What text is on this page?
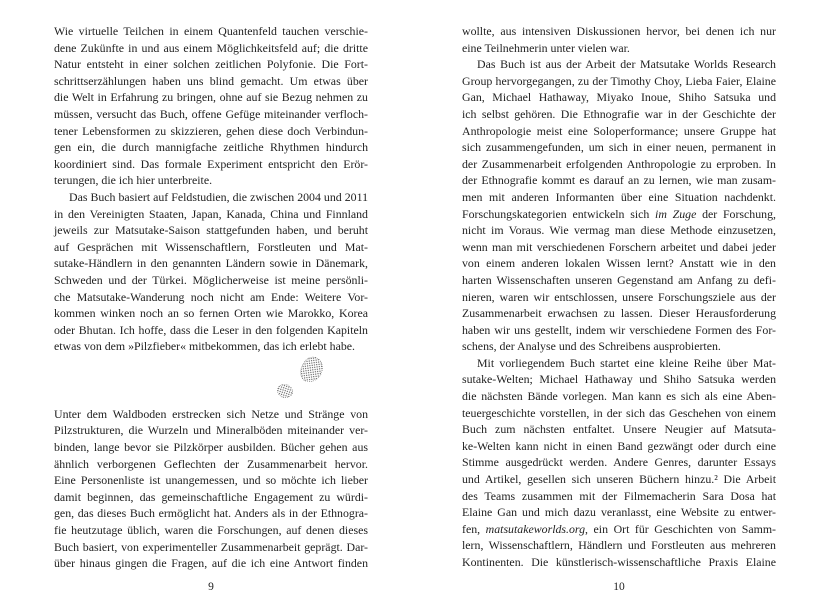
Wie virtuelle Teilchen in einem Quantenfeld tauchen verschie-
dene Zukünfte in und aus einem Möglichkeitsfeld auf; die dritte
Natur entsteht in einer solchen zeitlichen Polyfonie. Die Fort-
schrittserzählungen haben uns blind gemacht. Um etwas über
die Welt in Erfahrung zu bringen, ohne auf sie Bezug nehmen zu
müssen, versucht das Buch, offene Gefüge miteinander verfloch-
tener Lebensformen zu skizzieren, gehen diese doch Verbindun-
gen ein, die durch mannigfache zeitliche Rhythmen hindurch
koordiniert sind. Das formale Experiment entspricht den Erör-
terungen, die ich hier unterbreite.
Das Buch basiert auf Feldstudien, die zwischen 2004 und 2011
in den Vereinigten Staaten, Japan, Kanada, China und Finnland
jeweils zur Matsutake-Saison stattgefunden haben, und beruht
auf Gesprächen mit Wissenschaftlern, Forstleuten und Mat-
sutake-Händlern in den genannten Ländern sowie in Dänemark,
Schweden und der Türkei. Möglicherweise ist meine persönli-
che Matsutake-Wanderung noch nicht am Ende: Weitere Vor-
kommen winken noch an so fernen Orten wie Marokko, Korea
oder Bhutan. Ich hoffe, dass die Leser in den folgenden Kapiteln
etwas von dem »Pilzfieber« mitbekommen, das ich erlebt habe.
Unter dem Waldboden erstrecken sich Netze und Stränge von
Pilzstrukturen, die Wurzeln und Mineralböden miteinander ver-
binden, lange bevor sie Pilzkörper ausbilden. Bücher gehen aus
ähnlich verborgenen Geflechten der Zusammenarbeit hervor.
Eine Personenliste ist unangemessen, und so möchte ich lieber
damit beginnen, das gemeinschaftliche Engagement zu würdi-
gen, das dieses Buch ermöglicht hat. Anders als in der Ethnogra-
fie heutzutage üblich, waren die Forschungen, auf denen dieses
Buch basiert, von experimenteller Zusammenarbeit geprägt. Dar-
über hinaus gingen die Fragen, auf die ich eine Antwort finden
9
wollte, aus intensiven Diskussionen hervor, bei denen ich nur
eine Teilnehmerin unter vielen war.
Das Buch ist aus der Arbeit der Matsutake Worlds Research
Group hervorgegangen, zu der Timothy Choy, Lieba Faier, Elaine
Gan, Michael Hathaway, Miyako Inoue, Shiho Satsuka und
ich selbst gehören. Die Ethnografie war in der Geschichte der
Anthropologie meist eine Soloperformance; unsere Gruppe hat
sich zusammengefunden, um sich in einer neuen, permanent in
der Zusammenarbeit erfolgenden Anthropologie zu erproben. In
der Ethnografie kommt es darauf an zu lernen, wie man zusam-
men mit anderen Informanten über eine Situation nachdenkt.
Forschungskategorien entwickeln sich im Zuge der Forschung,
nicht im Voraus. Wie vermag man diese Methode einzusetzen,
wenn man mit verschiedenen Forschern arbeitet und dabei jeder
von einem anderen lokalen Wissen lernt? Anstatt wie in den
harten Wissenschaften unseren Gegenstand am Anfang zu defi-
nieren, waren wir entschlossen, unsere Forschungsziele aus der
Zusammenarbeit erwachsen zu lassen. Dieser Herausforderung
haben wir uns gestellt, indem wir verschiedene Formen des For-
schens, der Analyse und des Schreibens ausprobierten.
Mit vorliegendem Buch startet eine kleine Reihe über Mat-
sutake-Welten; Michael Hathaway und Shiho Satsuka werden
die nächsten Bände vorlegen. Man kann es sich als eine Aben-
teuergeschichte vorstellen, in der sich das Geschehen von einem
Buch zum nächsten entfaltet. Unsere Neugier auf Matsuta-
ke-Welten kann nicht in einen Band gezwängt oder durch eine
Stimme ausgedrückt werden. Andere Genres, darunter Essays
und Artikel, gesellen sich unseren Büchern hinzu.² Die Arbeit
des Teams zusammen mit der Filmemacherin Sara Dosa hat
Elaine Gan und mich dazu veranlasst, eine Website zu entwer-
fen, matsutakeworlds.org, ein Ort für Geschichten von Samm-
lern, Wissenschaftlern, Händlern und Forstleuten aus mehreren
Kontinenten. Die künstlerisch-wissenschaftliche Praxis Elaine
10
